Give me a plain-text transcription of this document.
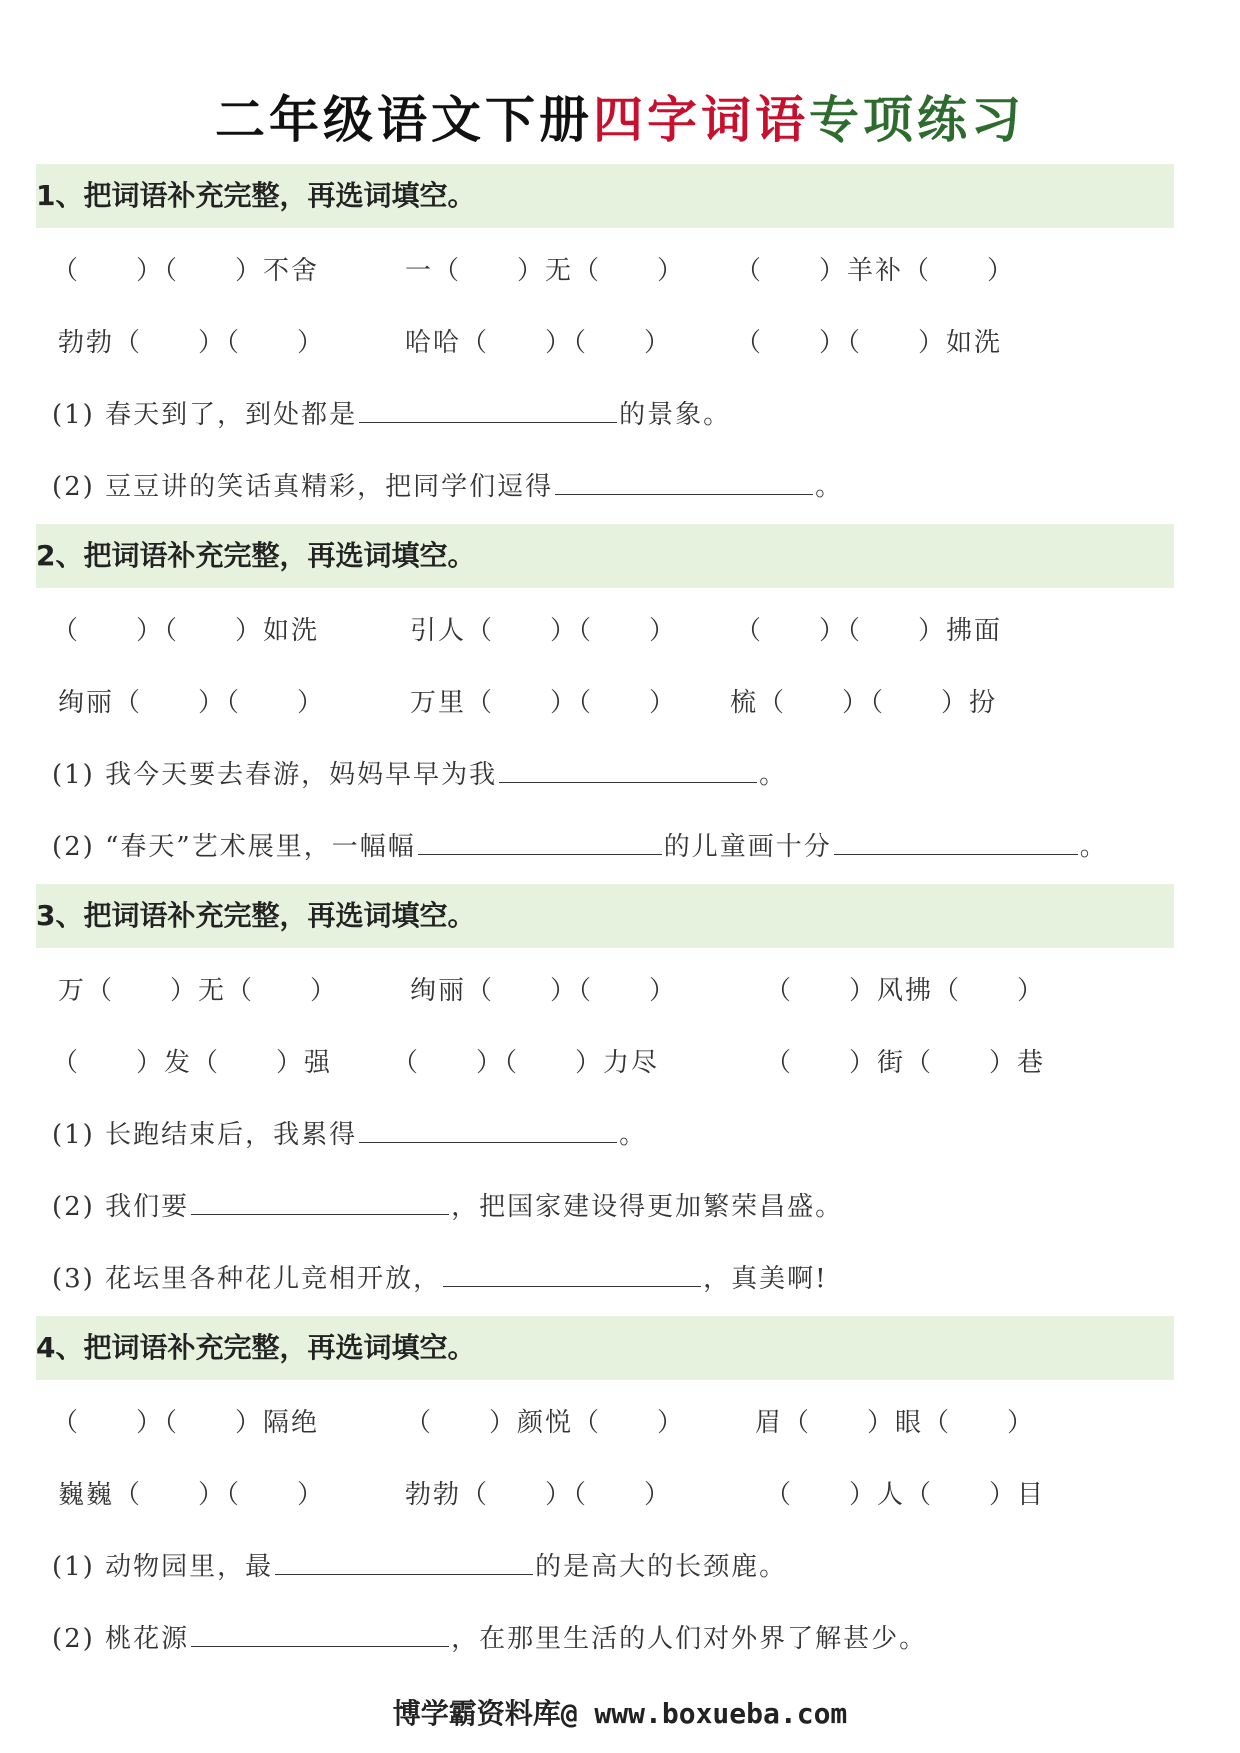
二年级语文下册四字词语专项练习
1、把词语补充完整，再选词填空。
（　　）（　　）不舍	一（　　）无（　　） （　　）羊补（　　）
勃勃（　　）（　　）	哈哈（　　）（　　） （　　）（　　）如洗
(1) 春天到了，到处都是	的景象。
(2) 豆豆讲的笑话真精彩，把同学们逗得	。
2、把词语补充完整，再选词填空。
（　　）（　　）如洗	引人（　　）（　　） （　　）（　　）拂面
绚丽（　　）（　　）	万里（　　）（　　） 梳（　　）（　　）扮
(1) 我今天要去春游，妈妈早早为我	。
(2) “春天”艺术展里，一幅幅	的儿童画十分	。
3、把词语补充完整，再选词填空。
万（　　）无（　　）	绚丽（　　）（　　）	（　　）风拂（　　）
（　　）发（　　）强 （　　）（　　）力尽	（　　）街（　　）巷
(1) 长跑结束后，我累得	。
(2) 我们要	，把国家建设得更加繁荣昌盛。
(3) 花坛里各种花儿竞相开放，	，真美啊!
4、把词语补充完整，再选词填空。
（　　）（　　）隔绝	（　　）颜悦（　　）	眉（　　）眼（　　）
巍巍（　　）（　　）	勃勃（　　）（　　）	（　　）人（　　）目
(1) 动物园里，最	的是高大的长颈鹿。
(2) 桃花源	，在那里生活的人们对外界了解甚少。
博学霸资料库@ www.boxueba.com
